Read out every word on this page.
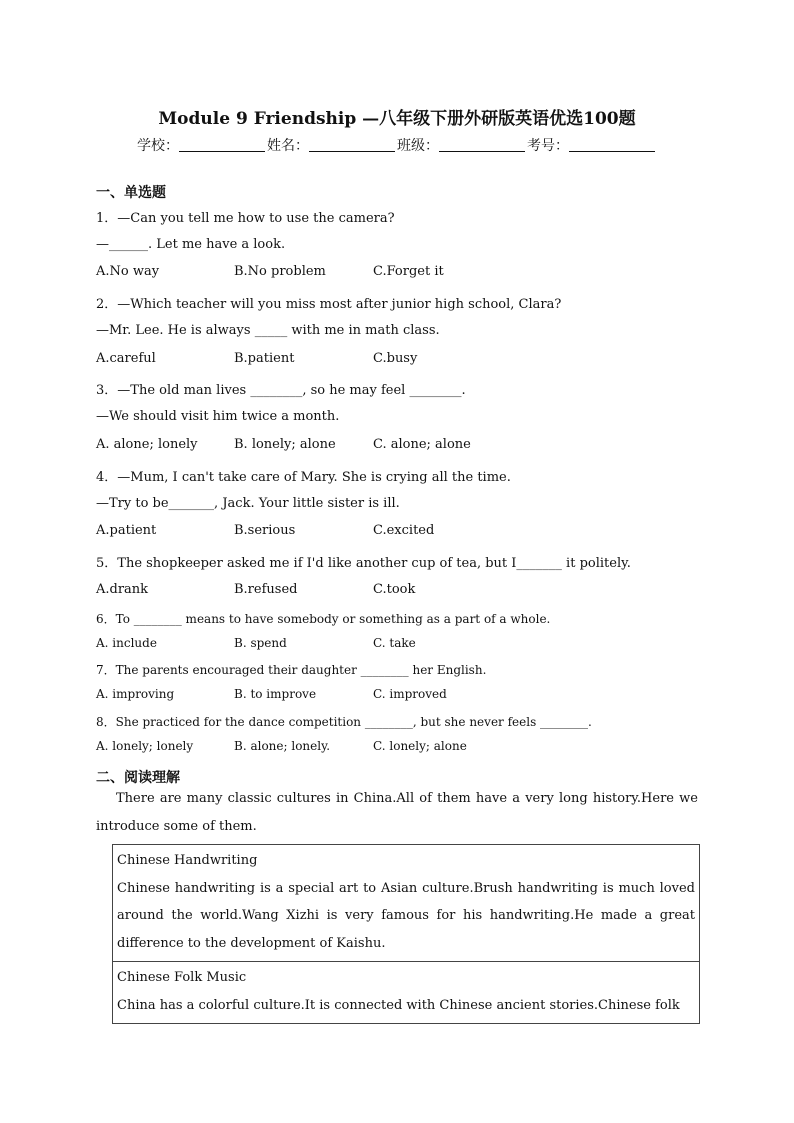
Module 9 Friendship —八年级下册外研版英语优选100题
学校：	姓名：	班级：	考号：
一、单选题
1．—Can you tell me how to use the camera?
—______. Let me have a look.
A.No way	B.No problem	C.Forget it
2．—Which teacher will you miss most after junior high school, Clara?
—Mr. Lee. He is always _____ with me in math class.
A.careful	B.patient	C.busy
3．—The old man lives ________, so he may feel ________.
—We should visit him twice a month.
A. alone; lonely	B. lonely; alone	C. alone; alone
4．—Mum, I can't take care of Mary. She is crying all the time.
—Try to be_______, Jack. Your little sister is ill.
A.patient	B.serious	C.excited
5．The shopkeeper asked me if I'd like another cup of tea, but I_______ it politely.
A.drank	B.refused	C.took
6．To ________ means to have somebody or something as a part of a whole.
A. include	B. spend	C. take
7．The parents encouraged their daughter ________ her English.
A. improving	B. to improve	C. improved
8．She practiced for the dance competition ________, but she never feels ________.
A. lonely; lonely	B. alone; lonely.	C. lonely; alone
二、阅读理解
There are many classic cultures in China.All of them have a very long history.Here we introduce some of them.
Chinese Handwriting
Chinese handwriting is a special art to Asian culture.Brush handwriting is much loved around the world.Wang Xizhi is very famous for his handwriting.He made a great difference to the development of Kaishu.
Chinese Folk Music
China has a colorful culture.It is connected with Chinese ancient stories.Chinese folk
